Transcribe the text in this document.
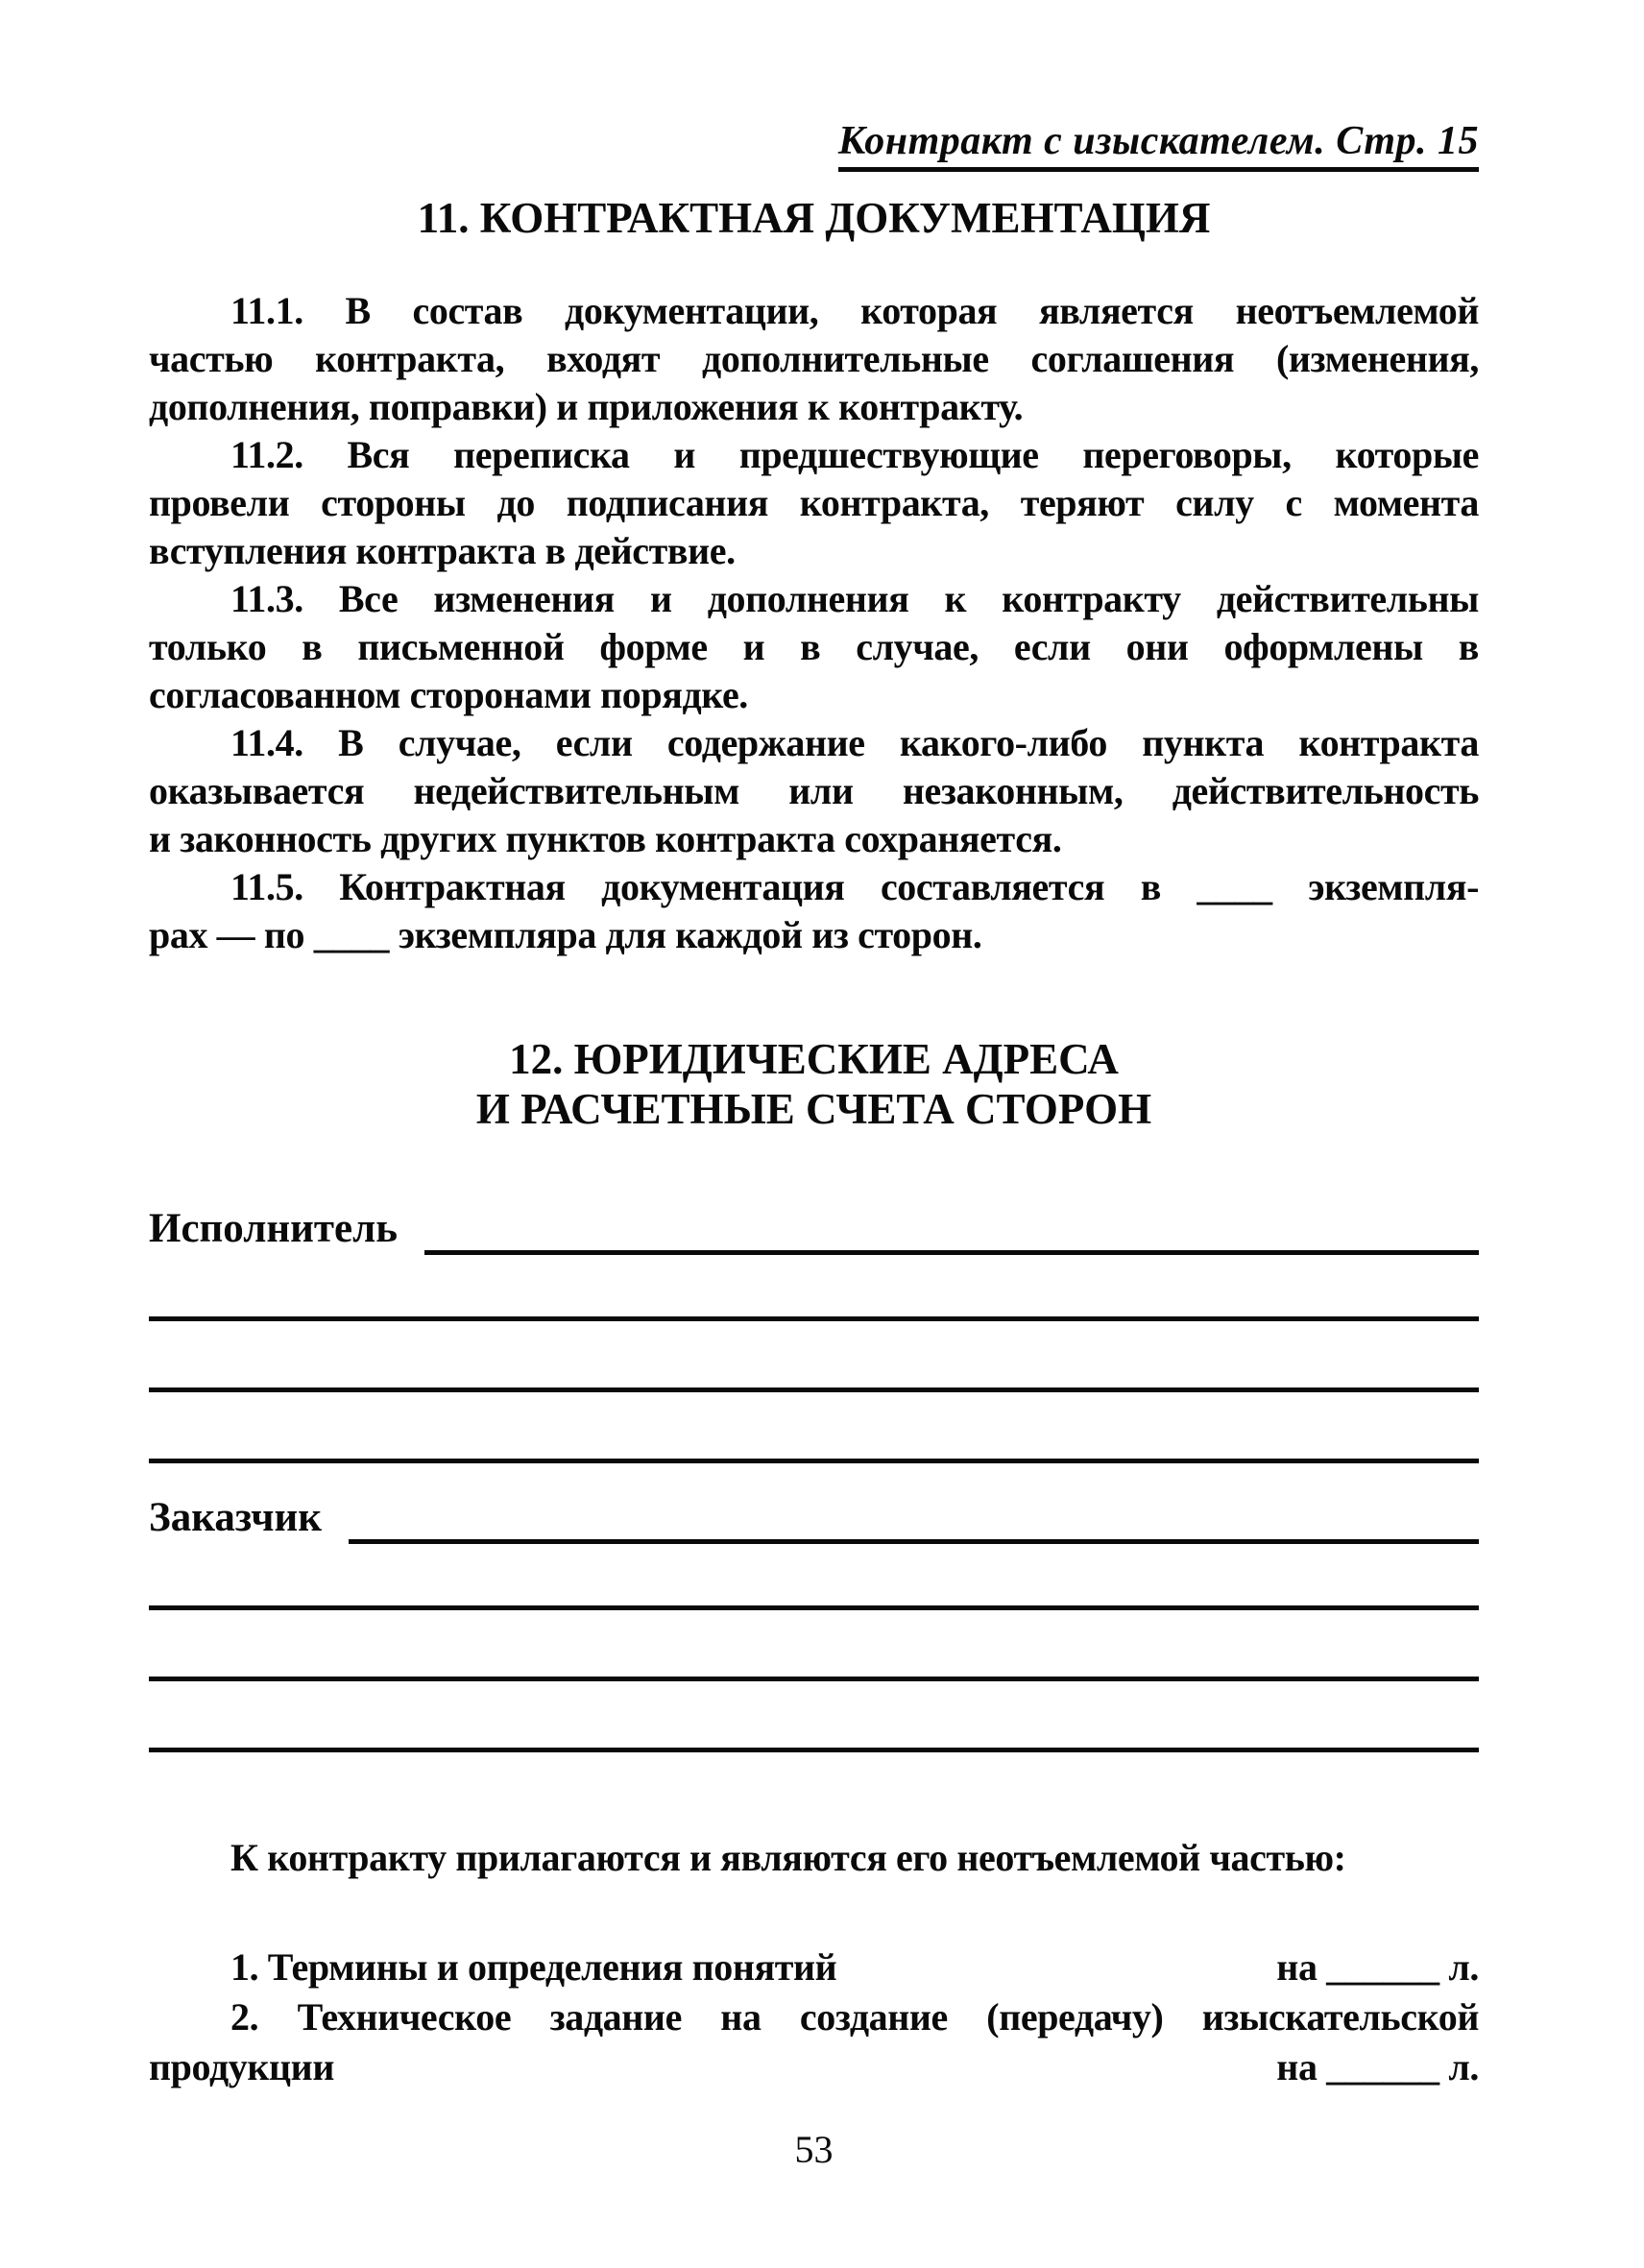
Контракт с изыскателем. Стр. 15
11. КОНТРАКТНАЯ ДОКУМЕНТАЦИЯ
11.1. В состав документации, которая является неотъемлемой
частью контракта, входят дополнительные соглашения (изменения,
дополнения, поправки) и приложения к контракту.
11.2. Вся переписка и предшествующие переговоры, которые
провели стороны до подписания контракта, теряют силу с момента
вступления контракта в действие.
11.3. Все изменения и дополнения к контракту действительны
только в письменной форме и в случае, если они оформлены в
согласованном сторонами порядке.
11.4. В случае, если содержание какого-либо пункта контракта
оказывается недействительным или незаконным, действительность
и законность других пунктов контракта сохраняется.
11.5. Контрактная документация составляется в ____ экземпля-
рах — по ____ экземпляра для каждой из сторон.
12. ЮРИДИЧЕСКИЕ АДРЕСА
И РАСЧЕТНЫЕ СЧЕТА СТОРОН
Исполнитель
Заказчик
К контракту прилагаются и являются его неотъемлемой частью:
1. Термины и определения понятий	на ______ л.
2. Техническое задание на создание (передачу) изыскательской
продукции	на ______ л.
53
